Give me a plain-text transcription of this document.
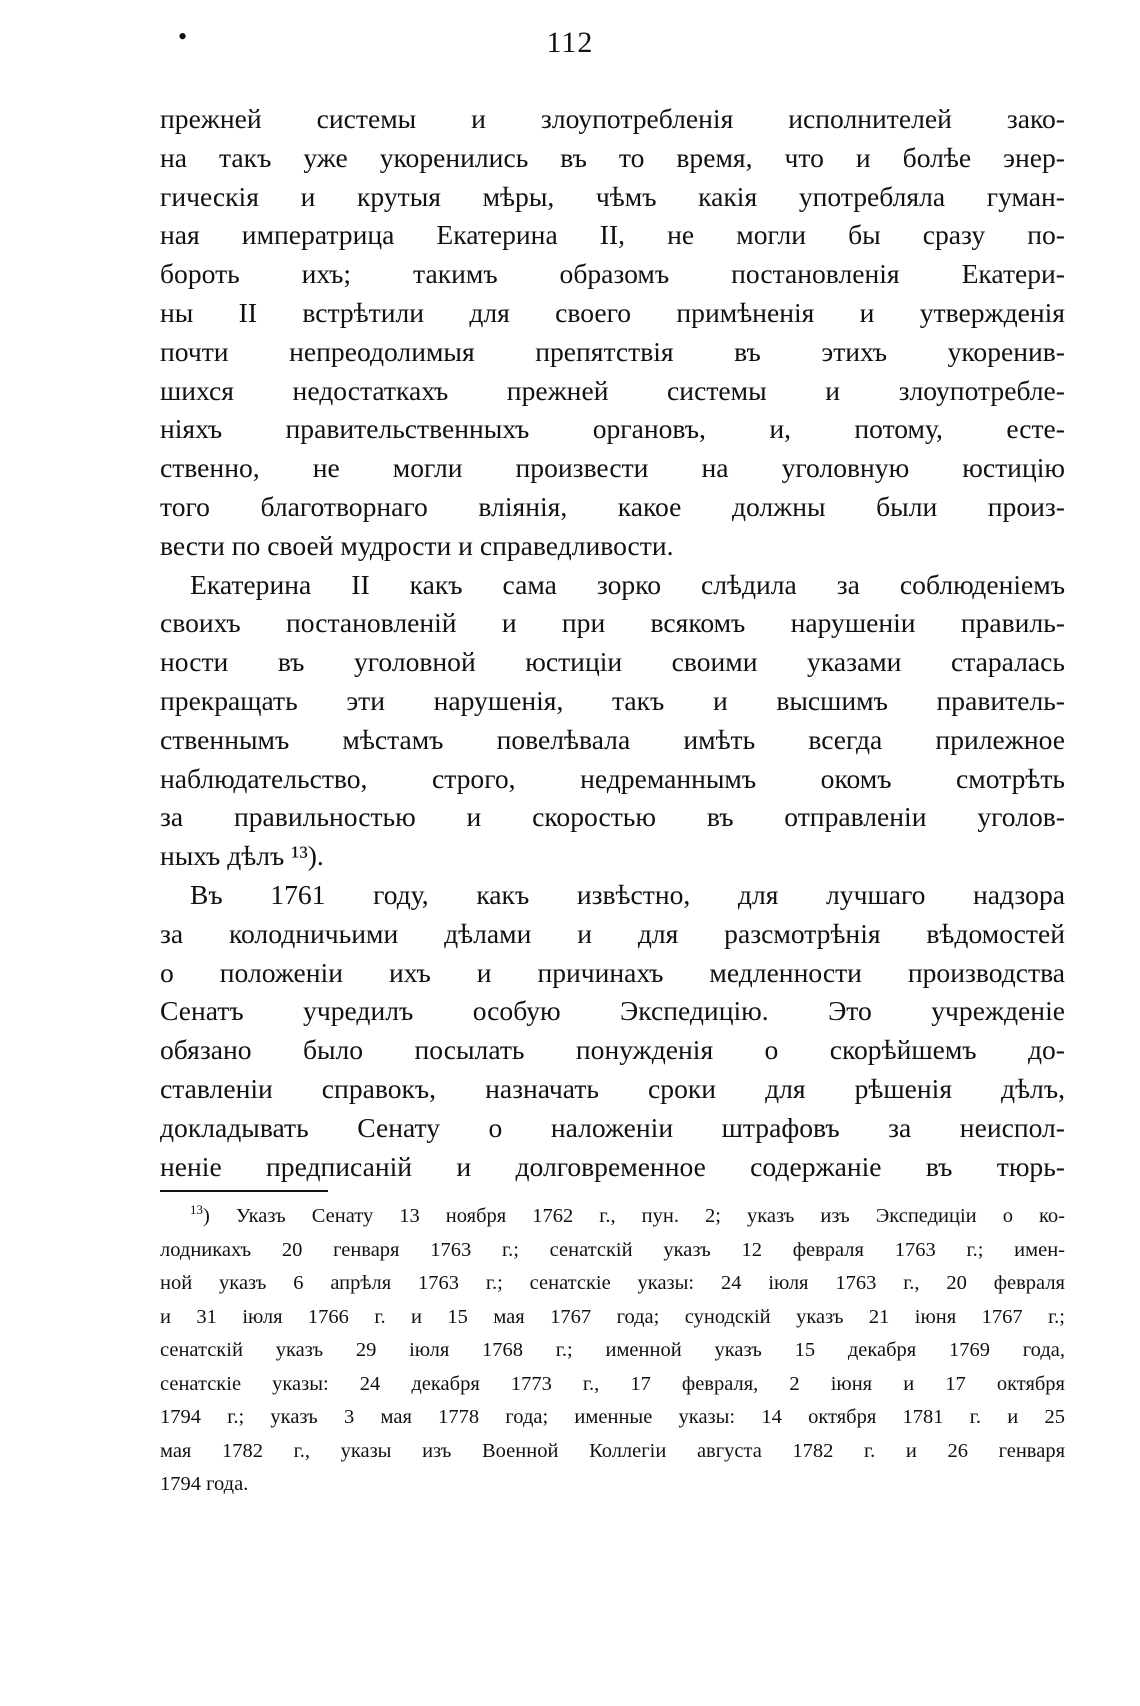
•	112
прежней системы и злоупотребленія исполнителей зако-
на такъ уже укоренились въ то время, что и болѣе энер-
гическія и крутыя мѣры, чѣмъ какія употребляла гуман-
ная императрица Екатерина II, не могли бы сразу по-
бороть ихъ; такимъ образомъ постановленія Екатери-
ны II встрѣтили для своего примѣненія и утвержденія
почти непреодолимыя препятствія въ этихъ укоренив-
шихся недостаткахъ прежней системы и злоупотребле-
ніяхъ правительственныхъ органовъ, и, потому, есте-
ственно, не могли произвести на уголовную юстицію
того благотворнаго вліянія, какое должны были произ-
вести по своей мудрости и справедливости.
Екатерина II какъ сама зорко слѣдила за соблюденіемъ
своихъ постановленій и при всякомъ нарушеніи правиль-
ности въ уголовной юстиціи своими указами старалась
прекращать эти нарушенія, такъ и высшимъ правитель-
ственнымъ мѣстамъ повелѣвала имѣть всегда прилежное
наблюдательство, строго, недреманнымъ окомъ смотрѣть
за правильностью и скоростью въ отправленіи уголов-
ныхъ дѣлъ ¹³).
Въ 1761 году, какъ извѣстно, для лучшаго надзора
за колодничьими дѣлами и для разсмотрѣнія вѣдомостей
о положеніи ихъ и причинахъ медленности производства
Сенатъ учредилъ особую Экспедицію. Это учрежденіе
обязано было посылать понужденія о скорѣйшемъ до-
ставленіи справокъ, назначать сроки для рѣшенія дѣлъ,
докладывать Сенату о наложеніи штрафовъ за неиспол-
неніе предписаній и долговременное содержаніе въ тюрь-
$^{13}$) Указъ Сенату 13 ноября 1762 г., пун. 2; указъ изъ Экспедиціи о ко-
лодникахъ 20 генваря 1763 г.; сенатскій указъ 12 февраля 1763 г.; имен-
ной указъ 6 апрѣля 1763 г.; сенатскіе указы: 24 іюля 1763 г., 20 февраля
и 31 іюля 1766 г. и 15 мая 1767 года; сунодскій указъ 21 іюня 1767 г.;
сенатскій указъ 29 іюля 1768 г.; именной указъ 15 декабря 1769 года,
сенатскіе указы: 24 декабря 1773 г., 17 февраля, 2 іюня и 17 октября
1794 г.; указъ 3 мая 1778 года; именные указы: 14 октября 1781 г. и 25
мая 1782 г., указы изъ Военной Коллегіи августа 1782 г. и 26 генваря
1794 года.
